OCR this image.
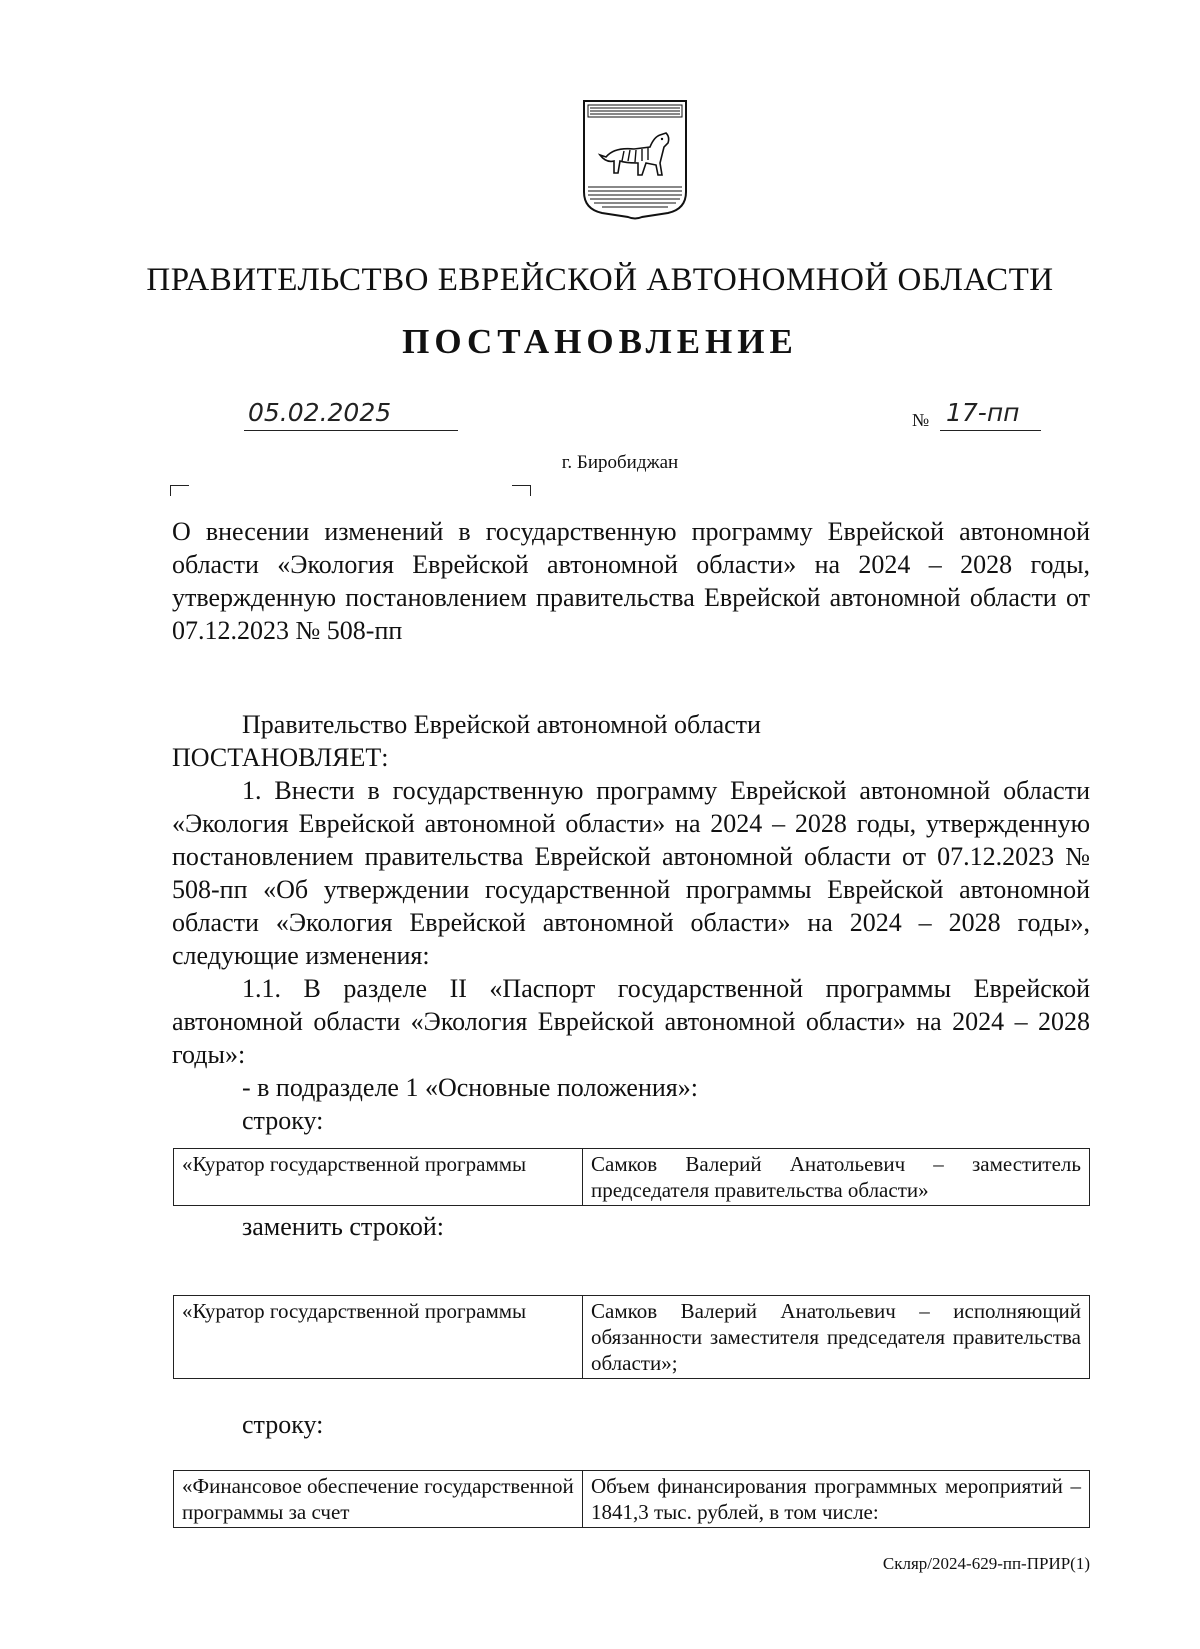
ПРАВИТЕЛЬСТВО ЕВРЕЙСКОЙ АВТОНОМНОЙ ОБЛАСТИ
ПОСТАНОВЛЕНИЕ
05.02.2025	№ 17-пп
г. Биробиджан
О внесении изменений в государственную программу Еврейской автономной области «Экология Еврейской автономной области» на 2024 – 2028 годы, утвержденную постановлением правительства Еврейской автономной области от 07.12.2023 № 508-пп

Правительство Еврейской автономной области

ПОСТАНОВЛЯЕТ:

1. Внести в государственную программу Еврейской автономной области «Экология Еврейской автономной области» на 2024 – 2028 годы, утвержденную постановлением правительства Еврейской автономной области от 07.12.2023 № 508-пп «Об утверждении государственной программы Еврейской автономной области «Экология Еврейской автономной области» на 2024 – 2028 годы», следующие изменения:

1.1. В разделе II «Паспорт государственной программы Еврейской автономной области «Экология Еврейской автономной области» на 2024 – 2028 годы»:

- в подразделе 1 «Основные положения»:

строку:

«Куратор государственной программы	Самков Валерий Анатольевич – заместитель председателя правительства области»
заменить строкой:
«Куратор государственной программы	Самков Валерий Анатольевич – исполняющий обязанности заместителя председателя правительства области»;
строку:
«Финансовое обеспечение государственной программы за счет	Объем финансирования программных мероприятий – 1841,3 тыс. рублей, в том числе:
Скляр/2024-629-пп-ПРИР(1)
